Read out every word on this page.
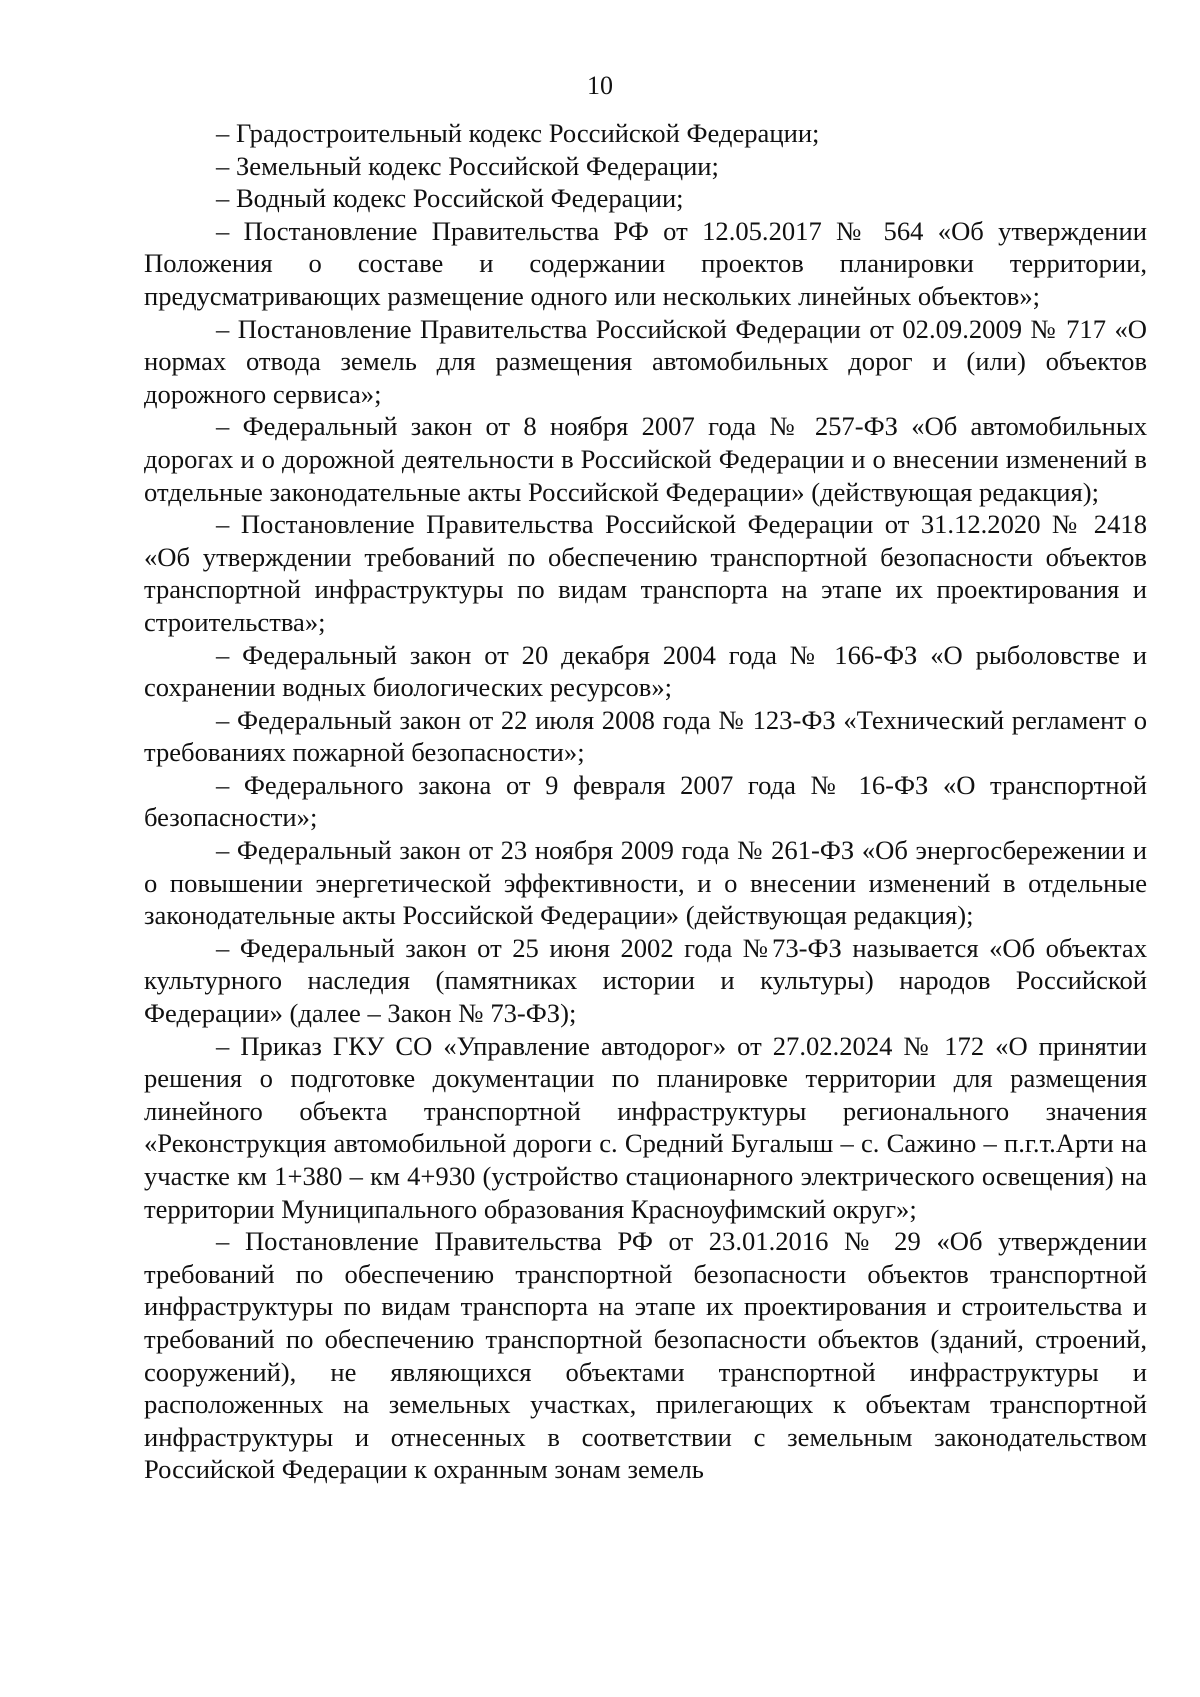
10

– Градостроительный кодекс Российской Федерации;

– Земельный кодекс Российской Федерации;

– Водный кодекс Российской Федерации;

– Постановление Правительства РФ от 12.05.2017 № 564 «Об утверждении Положения о составе и содержании проектов планировки территории, предусматривающих размещение одного или нескольких линейных объектов»;

– Постановление Правительства Российской Федерации от 02.09.2009 № 717 «О нормах отвода земель для размещения автомобильных дорог и (или) объектов дорожного сервиса»;

– Федеральный закон от 8 ноября 2007 года № 257-ФЗ «Об автомобильных дорогах и о дорожной деятельности в Российской Федерации и о внесении изменений в отдельные законодательные акты Российской Федерации» (действующая редакция);

– Постановление Правительства Российской Федерации от 31.12.2020 № 2418 «Об утверждении требований по обеспечению транспортной безопасности объектов транспортной инфраструктуры по видам транспорта на этапе их проектирования и строительства»;

– Федеральный закон от 20 декабря 2004 года № 166-ФЗ «О рыболовстве и сохранении водных биологических ресурсов»;

– Федеральный закон от 22 июля 2008 года № 123-ФЗ «Технический регламент о требованиях пожарной безопасности»;

– Федерального закона от 9 февраля 2007 года № 16-ФЗ «О транспортной безопасности»;

– Федеральный закон от 23 ноября 2009 года № 261-ФЗ «Об энергосбережении и о повышении энергетической эффективности, и о внесении изменений в отдельные законодательные акты Российской Федерации» (действующая редакция);

– Федеральный закон от 25 июня 2002 года №73-ФЗ называется «Об объектах культурного наследия (памятниках истории и культуры) народов Российской Федерации» (далее – Закон № 73-ФЗ);

– Приказ ГКУ СО «Управление автодорог» от 27.02.2024 № 172 «О принятии решения о подготовке документации по планировке территории для размещения линейного объекта транспортной инфраструктуры регионального значения «Реконструкция автомобильной дороги с. Средний Бугалыш – с. Сажино – п.г.т.Арти на участке км 1+380 – км 4+930 (устройство стационарного электрического освещения) на территории Муниципального образования Красноуфимский округ»;

– Постановление Правительства РФ от 23.01.2016 № 29 «Об утверждении требований по обеспечению транспортной безопасности объектов транспортной инфраструктуры по видам транспорта на этапе их проектирования и строительства и требований по обеспечению транспортной безопасности объектов (зданий, строений, сооружений), не являющихся объектами транспортной инфраструктуры и расположенных на земельных участках, прилегающих к объектам транспортной инфраструктуры и отнесенных в соответствии с земельным законодательством Российской Федерации к охранным зонам земель
